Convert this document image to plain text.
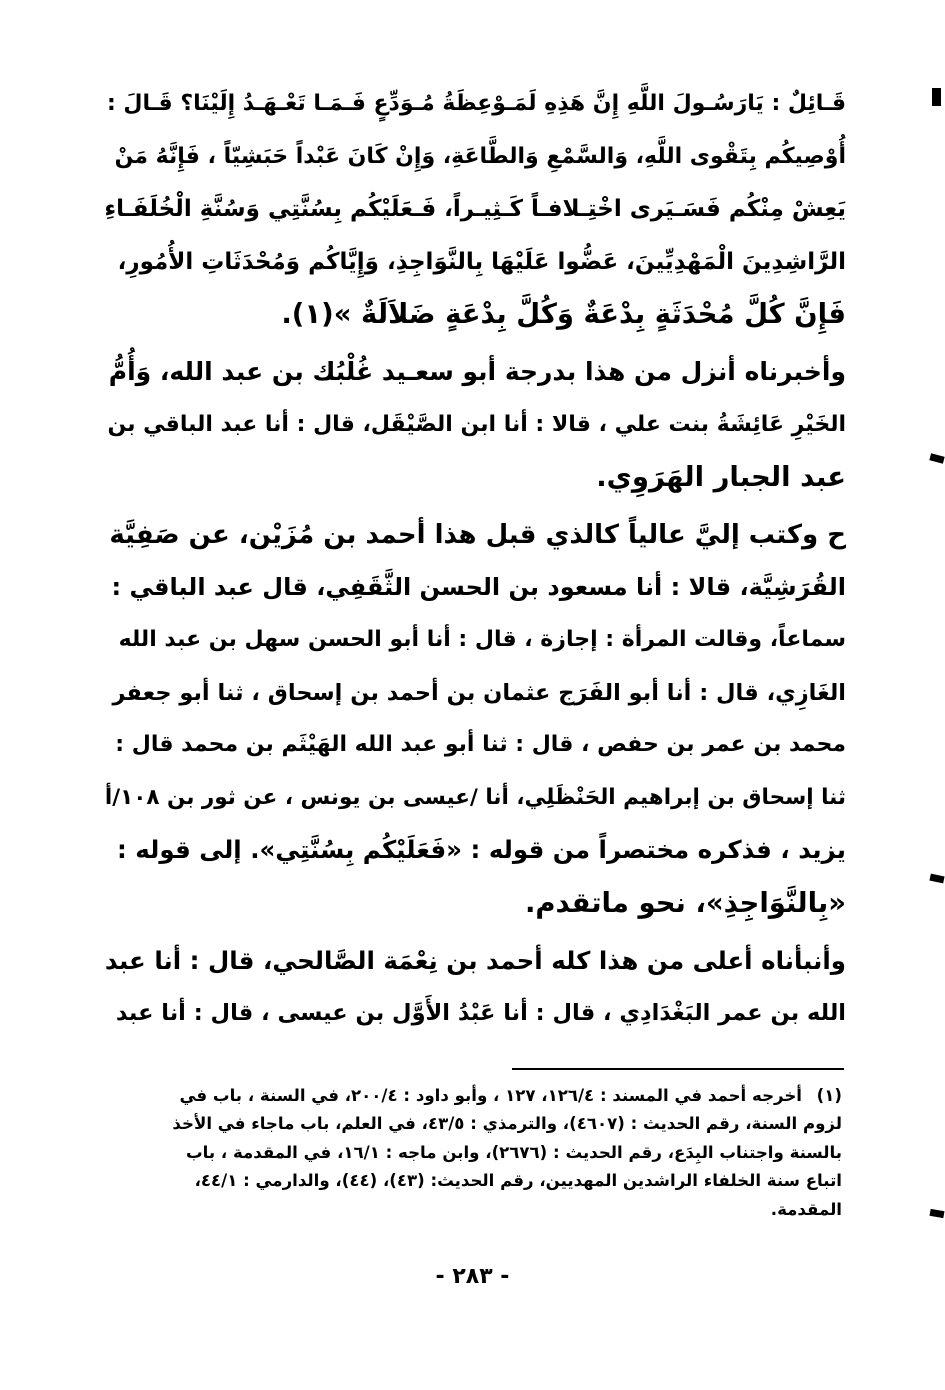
قَـائِلٌ : يَارَسُـولَ اللَّهِ إِنَّ هَذِهِ لَمَـوْعِظَةُ مُـوَدِّعٍ فَـمَـا تَعْـهَـدُ إِلَيْنَا؟ قَـالَ :
أُوْصِيكُم بِتَقْوى اللَّهِ، وَالسَّمْعِ وَالطَّاعَةِ، وَإِنْ كَانَ عَبْداً حَبَشِيّاً ، فَإِنَّهُ مَنْ
يَعِشْ مِنْكُم فَسَـيَرى اخْتِـلافـاً كَـثِيـراً، فَـعَلَيْكُم بِسُنَّتِي وَسُنَّةِ الْخُلَفَـاءِ
الرَّاشِدِينَ الْمَهْدِيِّينَ، عَضُّوا عَلَيْهَا بِالنَّوَاجِذِ، وَإِيَّاكُم وَمُحْدَثَاتِ الأُمُورِ،
فَإِنَّ كُلَّ مُحْدَثَةٍ بِدْعَةٌ وَكُلَّ بِدْعَةٍ ضَلاَلَةٌ »(١).
وأخبرناه أنزل من هذا بدرجة أبو سعـيد غُلْبُك بن عبد الله، وَأُمُّ
الخَيْرِ عَائِشَةُ بنت علي ، قالا : أنا ابن الصَّيْقَل، قال : أنا عبد الباقي بن
عبد الجبار الهَرَوِي.
ح وكتب إليَّ عالياً كالذي قبل هذا أحمد بن مُزَيْن، عن صَفِيَّة
القُرَشِيَّة، قالا : أنا مسعود بن الحسن الثَّقَفِي، قال عبد الباقي :
سماعاً، وقالت المرأة : إجازة ، قال : أنا أبو الحسن سهل بن عبد الله
الغَازِي، قال : أنا أبو الفَرَج عثمان بن أحمد بن إسحاق ، ثنا أبو جعفر
محمد بن عمر بن حفص ، قال : ثنا أبو عبد الله الهَيْثَم بن محمد قال :
ثنا إسحاق بن إبراهيم الحَنْظَلِي، أنا /عيسى بن يونس ، عن ثور بن ١٠٨/أ
يزيد ، فذكره مختصراً من قوله : «فَعَلَيْكُم بِسُنَّتِي». إلى قوله :
«بِالنَّوَاجِذِ»، نحو ماتقدم.
وأنبأناه أعلى من هذا كله أحمد بن نِعْمَة الصَّالحي، قال : أنا عبد
الله بن عمر البَغْدَادِي ، قال : أنا عَبْدُ الأَوَّل بن عيسى ، قال : أنا عبد
(١)أخرجه أحمد في المسند : ١٢٦/٤، ١٢٧ ، وأبو داود : ٢٠٠/٤، في السنة ، باب في
لزوم السنة، رقم الحديث : (٤٦٠٧)، والترمذي : ٤٣/٥، في العلم، باب ماجاء في الأخذ
بالسنة واجتناب البِدَع، رقم الحديث : (٢٦٧٦)، وابن ماجه : ١٦/١، في المقدمة ، باب
اتباع سنة الخلفاء الراشدين المهديين، رقم الحديث: (٤٣)، (٤٤)، والدارمي : ٤٤/١،
المقدمة.
- ٢٨٣ -
